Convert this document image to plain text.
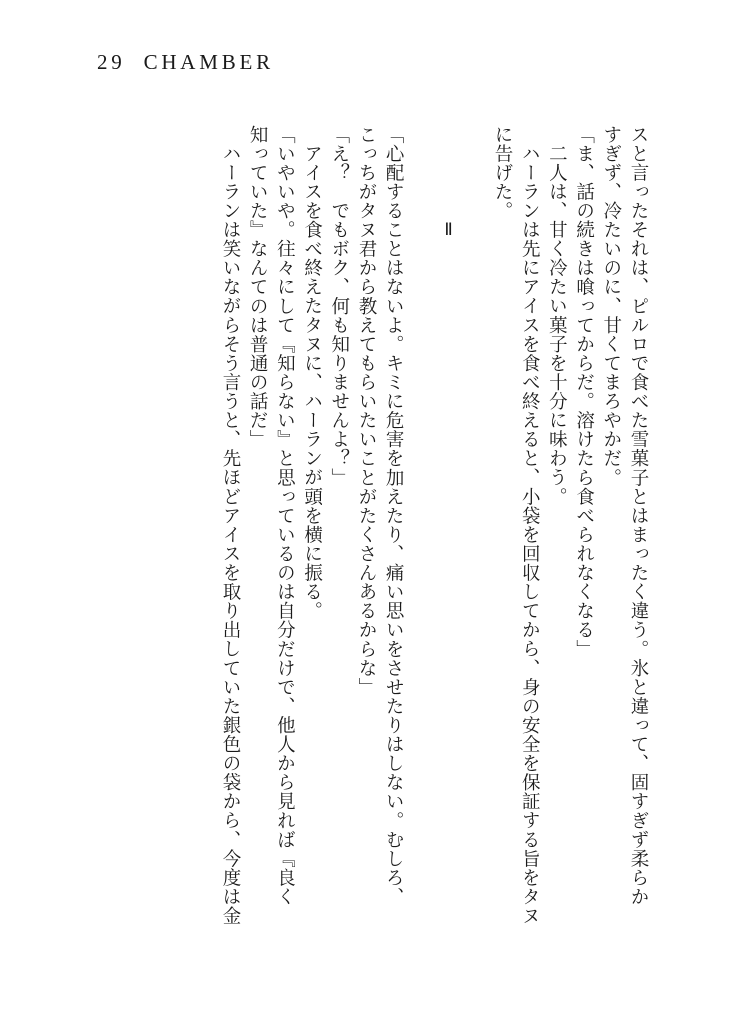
29 CHAMBER

スと言ったそれは、ピルロで食べた雪菓子とはまったく違う。氷と違って、固すぎず柔らかすぎず、冷たいのに、甘くてまろやかだ。

「ま、話の続きは喰ってからだ。溶けたら食べられなくなる」

二人は、甘く冷たい菓子を十分に味わう。

ハーランは先にアイスを食べ終えると、小袋を回収してから、身の安全を保証する旨をタヌに告げた。

Ⅱ

「心配することはないよ。キミに危害を加えたり、痛い思いをさせたりはしない。むしろ、こっちがタヌ君から教えてもらいたいことがたくさんあるからな」

「え？　でもボク、何も知りませんよ？」

アイスを食べ終えたタヌに、ハーランが頭を横に振る。

「いやいや。往々にして『知らない』と思っているのは自分だけで、他人から見れば『良く知っていた』なんてのは普通の話だ」

ハーランは笑いながらそう言うと、先ほどアイスを取り出していた銀色の袋から、今度は金
